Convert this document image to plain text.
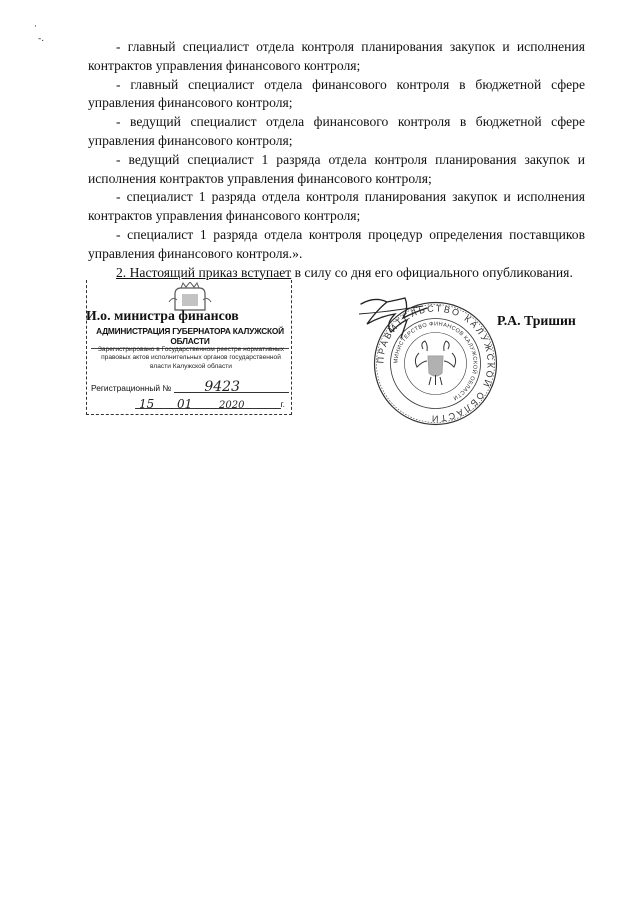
·
-.	- главный специалист отдела контроля планирования закупок и исполнения контрактов управления финансового контроля;

- главный специалист отдела финансового контроля в бюджетной сфере управления финансового контроля;

- ведущий специалист отдела финансового контроля в бюджетной сфере управления финансового контроля;

- ведущий специалист 1 разряда отдела контроля планирования закупок и исполнения контрактов управления финансового контроля;

- специалист 1 разряда отдела контроля планирования закупок и исполнения контрактов управления финансового контроля;

- специалист 1 разряда отдела контроля процедур определения поставщиков управления финансового контроля.».

2. Настоящий приказ вступает в силу со дня его официального опубликования.

АДМИНИСТРАЦИЯ ГУБЕРНАТОРА КАЛУЖСКОЙ ОБЛАСТИ
Зарегистрировано в Государственном реестре нормативных правовых актов исполнительных органов государственной власти Калужской области
Регистрационный № 9423
15 01	2020	г.
И.о. министра финансов
ПРАВИТЕЛЬСТВО КАЛУЖСКОЙ ОБЛАСТИ
МИНИСТЕРСТВО ФИНАНСОВ КАЛУЖСКОЙ ОБЛАСТИ
Р.А. Тришин
